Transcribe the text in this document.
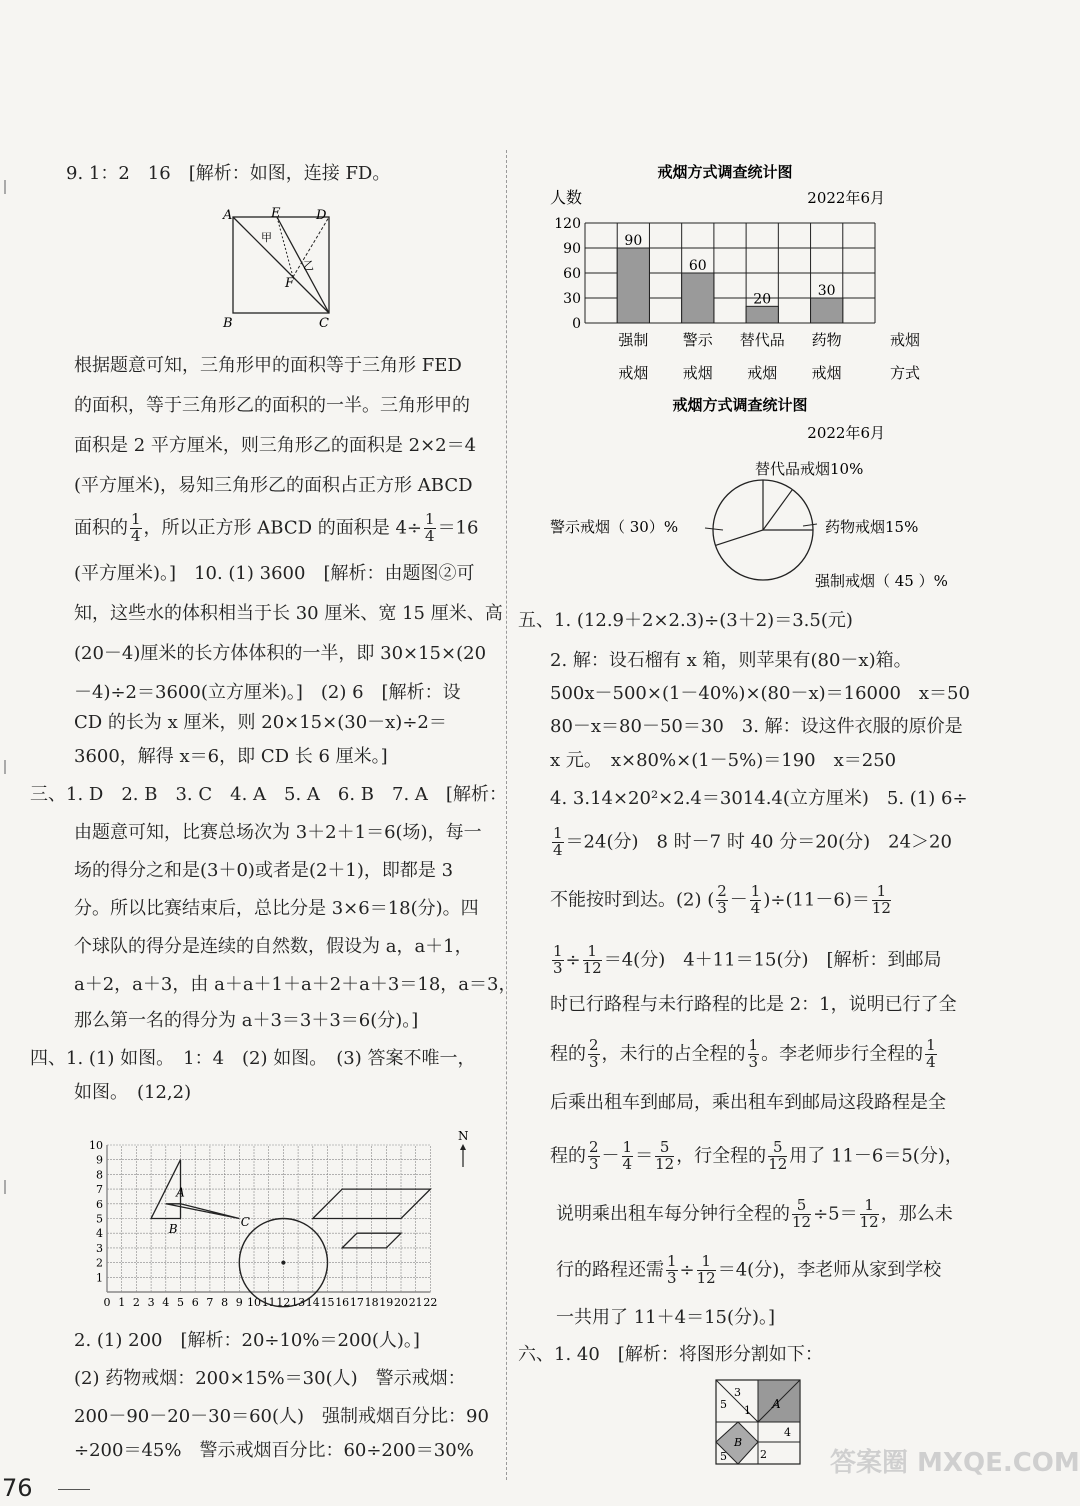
9. 1：2　16　[解析：如图，连接 FD。
A	E	D
B	C
F
甲
乙
根据题意可知，三角形甲的面积等于三角形 FED
的面积，等于三角形乙的面积的一半。三角形甲的
面积是 2 平方厘米，则三角形乙的面积是 2×2＝4
(平方厘米)，易知三角形乙的面积占正方形 ABCD
面积的 $\frac{1}{4}$ ，所以正方形 ABCD 的面积是 $4\div \frac{1}{4} =16$
(平方厘米)。]　10. (1) 3600　[解析：由题图②可
知，这些水的体积相当于长 30 厘米、宽 15 厘米、高
(20－4)厘米的长方体体积的一半，即 30×15×(20
－4)÷2＝3600(立方厘米)。]　(2) 6　[解析：设
CD 的长为 x 厘米，则 20×15×(30－x)÷2＝
3600，解得 x＝6，即 CD 长 6 厘米。]
三、1. D　2. B　3. C　4. A　5. A　6. B　7. A　[解析：
由题意可知，比赛总场次为 3＋2＋1＝6(场)，每一
场的得分之和是(3＋0)或者是(2＋1)，即都是 3
分。所以比赛结束后，总比分是 3×6＝18(分)。四
个球队的得分是连续的自然数，假设为 a，a＋1，
a＋2，a＋3，由 a＋a＋1＋a＋2＋a＋3＝18，a＝3，
那么第一名的得分为 a＋3＝3＋3＝6(分)。]
四、1. (1) 如图。　1：4　(2) 如图。　(3) 答案不唯一，
如图。　(12,2)
0 1 2 3 4 5 6 7 8 9 10 11 12 13 14 15 16 17 18 19 20 21 22
1
2
3
4
5
6
7
8
9
10
A
B
C
N
2. (1) 200　[解析：20÷10%＝200(人)。]
(2) 药物戒烟：200×15%＝30(人)　警示戒烟：
200－90－20－30＝60(人)　强制戒烟百分比：90
÷200＝45%　警示戒烟百分比：60÷200＝30%
戒烟方式调查统计图
人数	2022年6月
90
60
20
30
0
30
60
90
120
强制
戒烟
警示
戒烟
替代品
戒烟
药物
戒烟
戒烟
方式
戒烟方式调查统计图
2022年6月
替代品戒烟10%
药物戒烟15%
强制戒烟（ 45 ）%
警示戒烟（ 30）%
五、1. (12.9＋2×2.3)÷(3＋2)＝3.5(元)
2. 解：设石榴有 x 箱，则苹果有(80－x)箱。
500x－500×(1－40%)×(80－x)＝16000　x＝50
80－x＝80－50＝30　3. 解：设这件衣服的原价是
x 元。　x×80%×(1－5%)＝190　x＝250
4. 3.14×20²×2.4＝3014.4(立方厘米)　5. (1) 6÷
$\frac{1}{4} =24$(分)　8 时－7 时 40 分＝20(分)　24＞20
不能按时到达。(2) ( $\frac{2}{3} - \frac{1}{4} )\div(11-6)= \frac{1}{12}$
$\frac{1}{3} \div \frac{1}{12} =4$(分)　4＋11＝15(分)　[解析：到邮局
时已行路程与未行路程的比是 2：1，说明已行了全
程的 $\frac{2}{3}$ ，未行的占全程的 $\frac{1}{3}$ 。李老师步行全程的 $\frac{1}{4}$
后乘出租车到邮局，乘出租车到邮局这段路程是全
程的 $\frac{2}{3} - \frac{1}{4} = \frac{5}{12}$ ，行全程的 $\frac{5}{12}$ 用了 11－6＝5(分)，
说明乘出租车每分钟行全程的 $\frac{5}{12} \div 5= \frac{1}{12}$ ，那么未
行的路程还需 $\frac{1}{3} \div \frac{1}{12} =4$(分)，李老师从家到学校
一共用了 11＋4＝15(分)。]
六、1. 40　[解析：将图形分割如下：
3
5 1 A
4
B
5	2
76
答案圈 MXQE.COM
